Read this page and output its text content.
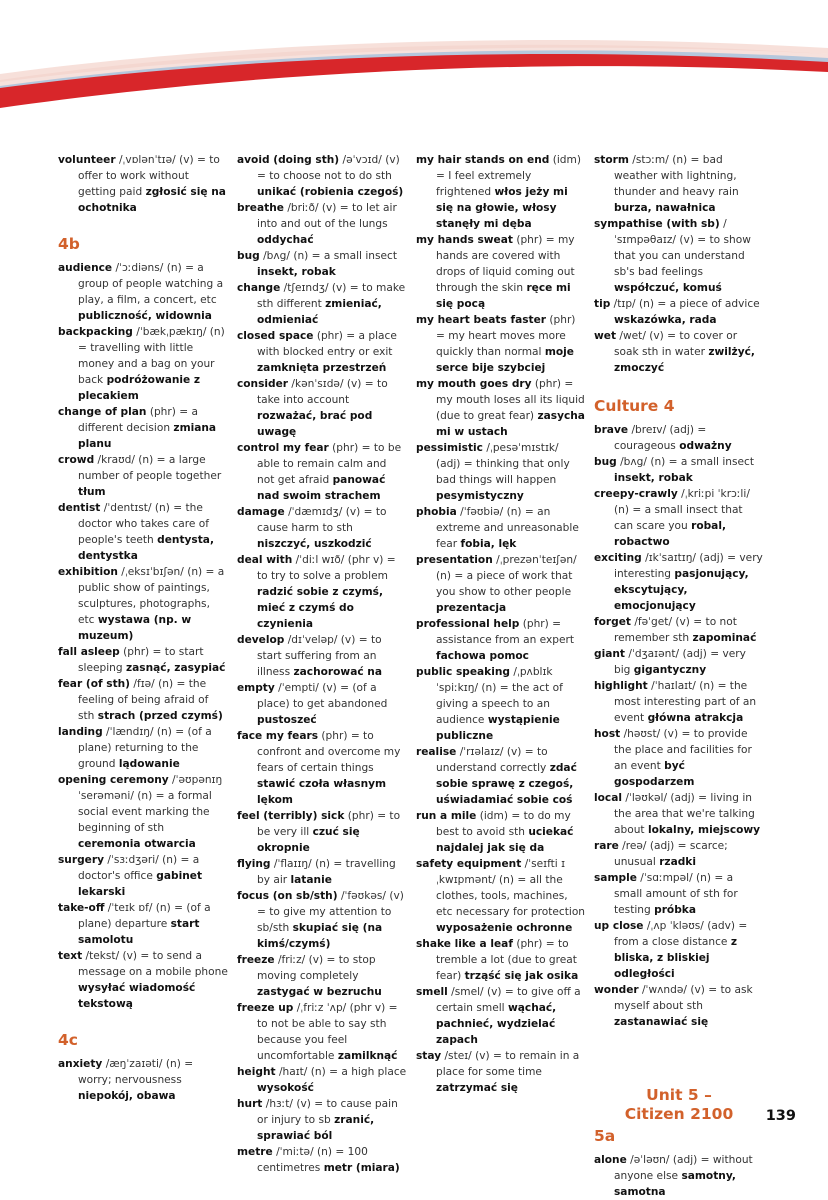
volunteer /ˌvɒlənˈtɪə/ (v) = to offer to work without getting paid zgłosić się na ochotnika
4b
audience /ˈɔːdiəns/ (n) = a group of people watching a play, a film, a concert, etc publiczność, widownia
backpacking /ˈbækˌpækɪŋ/ (n) = travelling with little money and a bag on your back podróżowanie z plecakiem
change of plan (phr) = a different decision zmiana planu
crowd /kraʊd/ (n) = a large number of people together tłum
dentist /ˈdentɪst/ (n) = the doctor who takes care of people's teeth dentysta, dentystka
exhibition /ˌeksɪˈbɪʃən/ (n) = a public show of paintings, sculptures, photographs, etc wystawa (np. w muzeum)
fall asleep (phr) = to start sleeping zasnąć, zasypiać
fear (of sth) /fɪə/ (n) = the feeling of being afraid of sth strach (przed czymś)
landing /ˈlændɪŋ/ (n) = (of a plane) returning to the ground lądowanie
opening ceremony /ˈəʊpənɪŋ ˈserəməni/ (n) = a formal social event marking the beginning of sth ceremonia otwarcia
surgery /ˈsɜːdʒəri/ (n) = a doctor's office gabinet lekarski
take-off /ˈteɪk ɒf/ (n) = (of a plane) departure start samolotu
text /tekst/ (v) = to send a message on a mobile phone wysyłać wiadomość tekstową
4c
anxiety /æŋˈzaɪəti/ (n) = worry; nervousness niepokój, obawa
avoid (doing sth) /əˈvɔɪd/ (v) = to choose not to do sth unikać (robienia czegoś)
breathe /briːð/ (v) = to let air into and out of the lungs oddychać
bug /bʌg/ (n) = a small insect insekt, robak
change /tʃeɪndʒ/ (v) = to make sth different zmieniać, odmieniać
closed space (phr) = a place with blocked entry or exit zamknięta przestrzeń
consider /kənˈsɪdə/ (v) = to take into account rozważać, brać pod uwagę
control my fear (phr) = to be able to remain calm and not get afraid panować nad swoim strachem
damage /ˈdæmɪdʒ/ (v) = to cause harm to sth niszczyć, uszkodzić
deal with /ˈdiːl wɪð/ (phr v) = to try to solve a problem radzić sobie z czymś, mieć z czymś do czynienia
develop /dɪˈveləp/ (v) = to start suffering from an illness zachorować na
empty /ˈempti/ (v) = (of a place) to get abandoned pustoszeć
face my fears (phr) = to confront and overcome my fears of certain things stawić czoła własnym lękom
feel (terribly) sick (phr) = to be very ill czuć się okropnie
flying /ˈflaɪɪŋ/ (n) = travelling by air latanie
focus (on sb/sth) /ˈfəʊkəs/ (v) = to give my attention to sb/sth skupiać się (na kimś/czymś)
freeze /friːz/ (v) = to stop moving completely zastygać w bezruchu
freeze up /ˌfriːz ˈʌp/ (phr v) = to not be able to say sth because you feel uncomfortable zamilknąć
height /haɪt/ (n) = a high place wysokość
hurt /hɜːt/ (v) = to cause pain or injury to sb zranić, sprawiać ból
metre /ˈmiːtə/ (n) = 100 centimetres metr (miara)
my hair stands on end (idm) = I feel extremely frightened włos jeży mi się na głowie, włosy stanęły mi dęba
my hands sweat (phr) = my hands are covered with drops of liquid coming out through the skin ręce mi się pocą
my heart beats faster (phr) = my heart moves more quickly than normal moje serce bije szybciej
my mouth goes dry (phr) = my mouth loses all its liquid (due to great fear) zasycha mi w ustach
pessimistic /ˌpesəˈmɪstɪk/ (adj) = thinking that only bad things will happen pesymistyczny
phobia /ˈfəʊbiə/ (n) = an extreme and unreasonable fear fobia, lęk
presentation /ˌprezənˈteɪʃən/ (n) = a piece of work that you show to other people prezentacja
professional help (phr) = assistance from an expert fachowa pomoc
public speaking /ˌpʌblɪk ˈspiːkɪŋ/ (n) = the act of giving a speech to an audience wystąpienie publiczne
realise /ˈrɪəlaɪz/ (v) = to understand correctly zdać sobie sprawę z czegoś, uświadamiać sobie coś
run a mile (idm) = to do my best to avoid sth uciekać najdalej jak się da
safety equipment /ˈseɪfti ɪˌkwɪpmənt/ (n) = all the clothes, tools, machines, etc necessary for protection wyposażenie ochronne
shake like a leaf (phr) = to tremble a lot (due to great fear) trząść się jak osika
smell /smel/ (v) = to give off a certain smell wąchać, pachnieć, wydzielać zapach
stay /steɪ/ (v) = to remain in a place for some time zatrzymać się
storm /stɔːm/ (n) = bad weather with lightning, thunder and heavy rain burza, nawałnica
sympathise (with sb) /ˈsɪmpəθaɪz/ (v) = to show that you can understand sb's bad feelings współczuć, komuś
tip /tɪp/ (n) = a piece of advice wskazówka, rada
wet /wet/ (v) = to cover or soak sth in water zwilżyć, zmoczyć
Culture 4
brave /breɪv/ (adj) = courageous odważny
bug /bʌg/ (n) = a small insect insekt, robak
creepy-crawly /ˌkriːpi ˈkrɔːli/ (n) = a small insect that can scare you robal, robactwo
exciting /ɪkˈsaɪtɪŋ/ (adj) = very interesting pasjonujący, ekscytujący, emocjonujący
forget /fəˈget/ (v) = to not remember sth zapominać
giant /ˈdʒaɪənt/ (adj) = very big gigantyczny
highlight /ˈhaɪlaɪt/ (n) = the most interesting part of an event główna atrakcja
host /həʊst/ (v) = to provide the place and facilities for an event być gospodarzem
local /ˈləʊkəl/ (adj) = living in the area that we're talking about lokalny, miejscowy
rare /reə/ (adj) = scarce; unusual rzadki
sample /ˈsɑːmpəl/ (n) = a small amount of sth for testing próbka
up close /ˌʌp ˈkləʊs/ (adv) = from a close distance z bliska, z bliskiej odległości
wonder /ˈwʌndə/ (v) = to ask myself about sth zastanawiać się
Unit 5 –
Citizen 2100
5a
alone /əˈləʊn/ (adj) = without anyone else samotny, samotna
139
